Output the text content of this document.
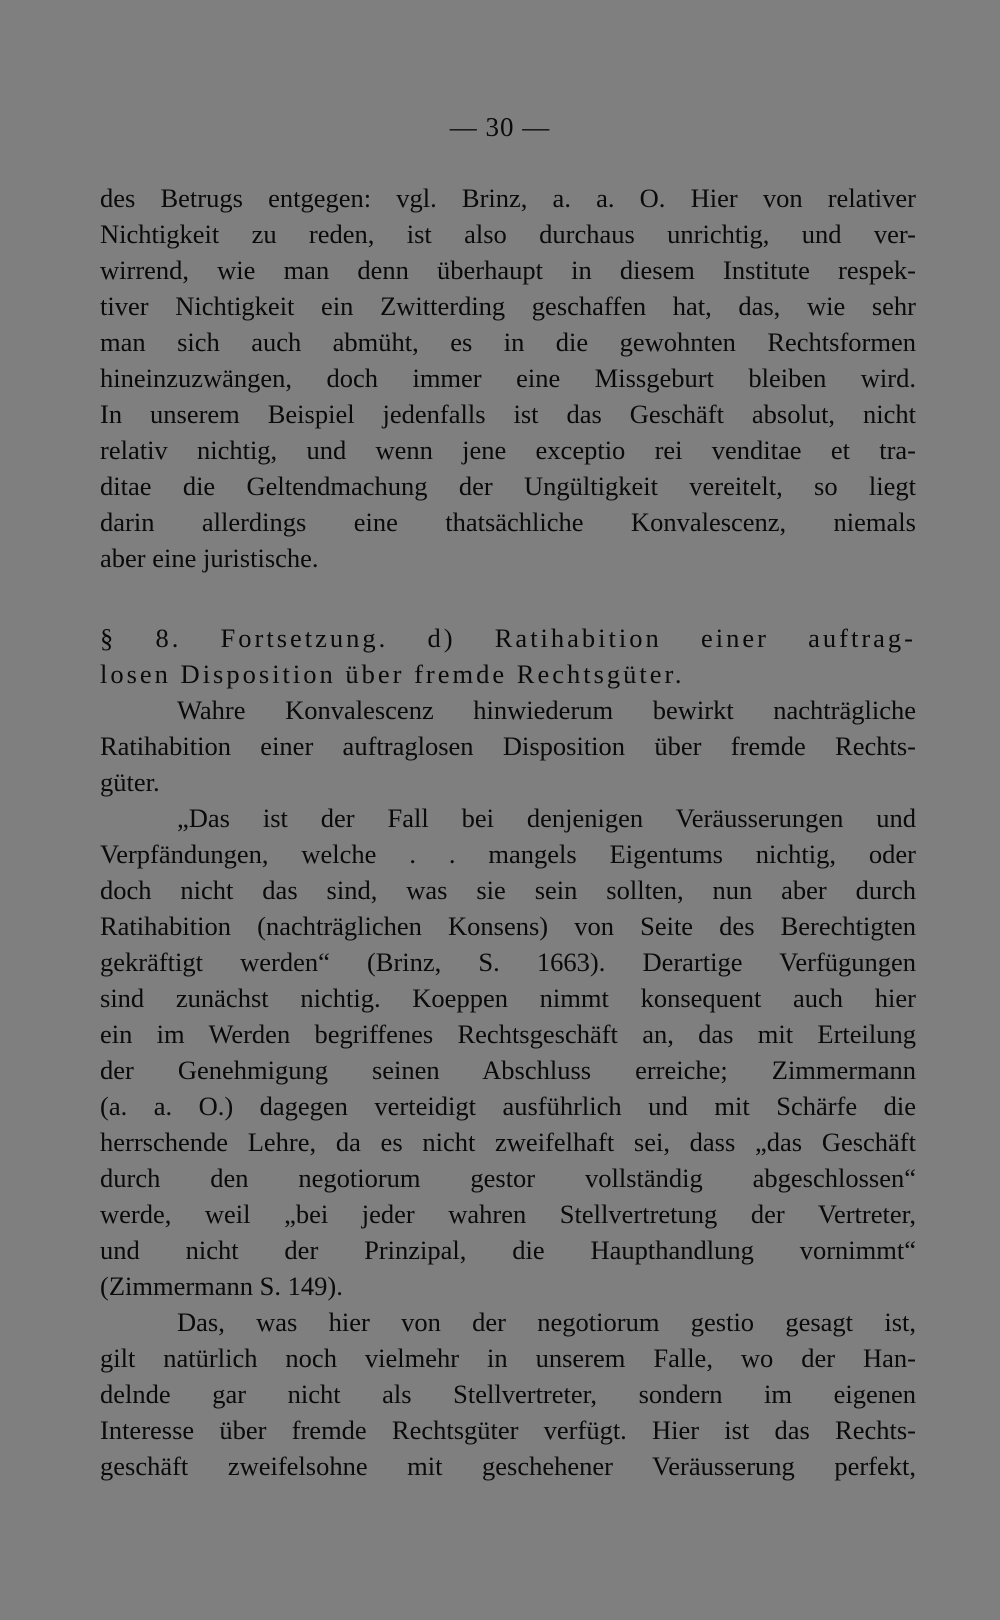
— 30 —
des Betrugs entgegen: vgl. Brinz, a. a. O. Hier von relativer
Nichtigkeit zu reden, ist also durchaus unrichtig, und ver-
wirrend, wie man denn überhaupt in diesem Institute respek-
tiver Nichtigkeit ein Zwitterding geschaffen hat, das, wie sehr
man sich auch abmüht, es in die gewohnten Rechtsformen
hineinzuzwängen, doch immer eine Missgeburt bleiben wird.
In unserem Beispiel jedenfalls ist das Geschäft absolut, nicht
relativ nichtig, und wenn jene exceptio rei venditae et tra-
ditae die Geltendmachung der Ungültigkeit vereitelt, so liegt
darin allerdings eine thatsächliche Konvalescenz, niemals
aber eine juristische.
§ 8. Fortsetzung. d) Ratihabition einer auftrag-
losen Disposition über fremde Rechtsgüter.
Wahre Konvalescenz hinwiederum bewirkt nachträgliche
Ratihabition einer auftraglosen Disposition über fremde Rechts-
güter.
„Das ist der Fall bei denjenigen Veräusserungen und
Verpfändungen, welche . . mangels Eigentums nichtig, oder
doch nicht das sind, was sie sein sollten, nun aber durch
Ratihabition (nachträglichen Konsens) von Seite des Berechtigten
gekräftigt werden“ (Brinz, S. 1663). Derartige Verfügungen
sind zunächst nichtig. Koeppen nimmt konsequent auch hier
ein im Werden begriffenes Rechtsgeschäft an, das mit Erteilung
der Genehmigung seinen Abschluss erreiche; Zimmermann
(a. a. O.) dagegen verteidigt ausführlich und mit Schärfe die
herrschende Lehre, da es nicht zweifelhaft sei, dass „das Geschäft
durch den negotiorum gestor vollständig abgeschlossen“
werde, weil „bei jeder wahren Stellvertretung der Vertreter,
und nicht der Prinzipal, die Haupthandlung vornimmt“
(Zimmermann S. 149).
Das, was hier von der negotiorum gestio gesagt ist,
gilt natürlich noch vielmehr in unserem Falle, wo der Han-
delnde gar nicht als Stellvertreter, sondern im eigenen
Interesse über fremde Rechtsgüter verfügt. Hier ist das Rechts-
geschäft zweifelsohne mit geschehener Veräusserung perfekt,
